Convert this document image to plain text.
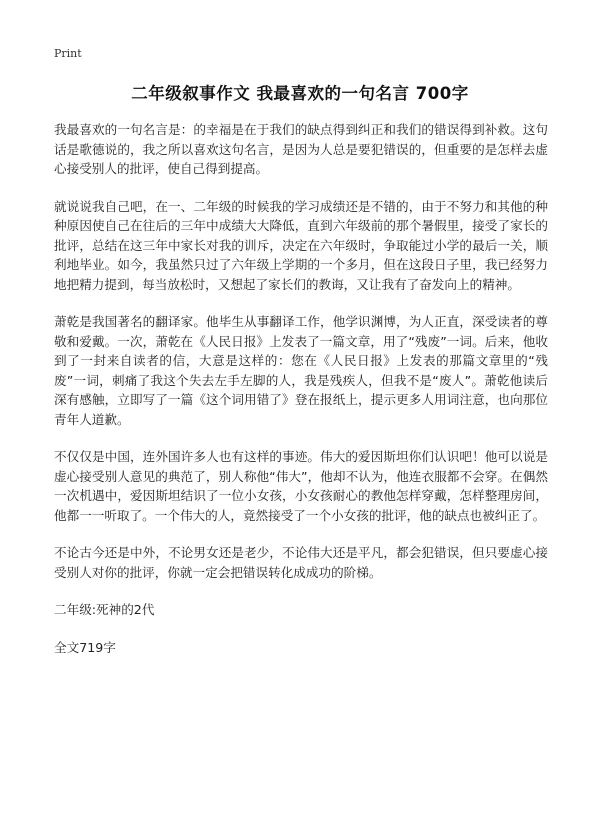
Print
二年级叙事作文 我最喜欢的一句名言 700字

我最喜欢的一句名言是：的幸福是在于我们的缺点得到纠正和我们的错误得到补救。这句话是歌德说的，我之所以喜欢这句名言，是因为人总是要犯错误的，但重要的是怎样去虚心接受别人的批评，使自己得到提高。

就说说我自己吧，在一、二年级的时候我的学习成绩还是不错的，由于不努力和其他的种种原因使自己在往后的三年中成绩大大降低，直到六年级前的那个暑假里，接受了家长的批评，总结在这三年中家长对我的训斥，决定在六年级时，争取能过小学的最后一关，顺利地毕业。如今，我虽然只过了六年级上学期的一个多月，但在这段日子里，我已经努力地把精力提到，每当放松时，又想起了家长们的教诲，又让我有了奋发向上的精神。

萧乾是我国著名的翻译家。他毕生从事翻译工作，他学识渊博，为人正直，深受读者的尊敬和爱戴。一次，萧乾在《人民日报》上发表了一篇文章，用了“残废”一词。后来，他收到了一封来自读者的信，大意是这样的：您在《人民日报》上发表的那篇文章里的“残废”一词，刺痛了我这个失去左手左脚的人，我是残疾人，但我不是“废人”。萧乾他读后深有感触，立即写了一篇《这个词用错了》登在报纸上，提示更多人用词注意，也向那位青年人道歉。

不仅仅是中国，连外国许多人也有这样的事迹。伟大的爱因斯坦你们认识吧！他可以说是虚心接受别人意见的典范了，别人称他“伟大”，他却不认为，他连衣服都不会穿。在偶然一次机遇中，爱因斯坦结识了一位小女孩，小女孩耐心的教他怎样穿戴，怎样整理房间，他都一一听取了。一个伟大的人，竟然接受了一个小女孩的批评，他的缺点也被纠正了。

不论古今还是中外，不论男女还是老少，不论伟大还是平凡，都会犯错误，但只要虚心接受别人对你的批评，你就一定会把错误转化成成功的阶梯。

二年级:死神的2代

全文719字
